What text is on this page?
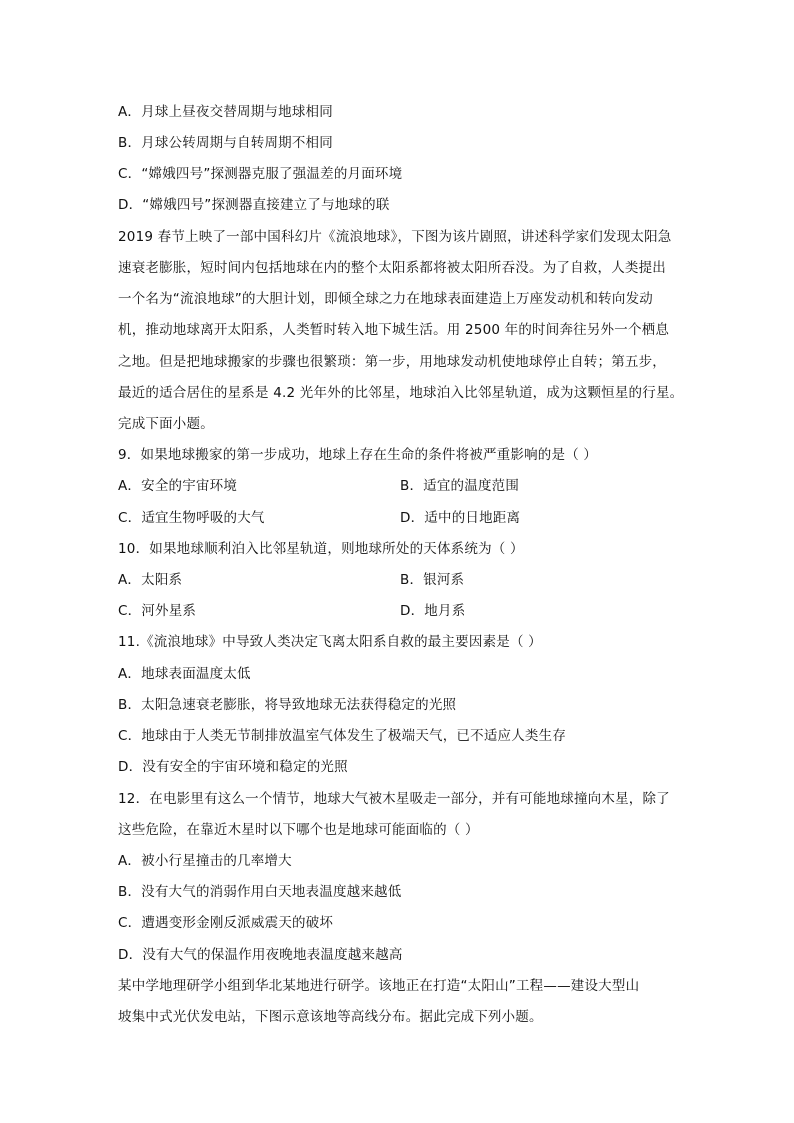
A．月球上昼夜交替周期与地球相同
B．月球公转周期与自转周期不相同
C．“嫦娥四号”探测器克服了强温差的月面环境
D．“嫦娥四号”探测器直接建立了与地球的联
2019 春节上映了一部中国科幻片《流浪地球》，下图为该片剧照，讲述科学家们发现太阳急
速衰老膨胀，短时间内包括地球在内的整个太阳系都将被太阳所吞没。为了自救，人类提出
一个名为“流浪地球”的大胆计划，即倾全球之力在地球表面建造上万座发动机和转向发动
机，推动地球离开太阳系，人类暂时转入地下城生活。用 2500 年的时间奔往另外一个栖息
之地。但是把地球搬家的步骤也很繁琐：第一步，用地球发动机使地球停止自转；第五步，
最近的适合居住的星系是 4.2 光年外的比邻星，地球泊入比邻星轨道，成为这颗恒星的行星。
完成下面小题。
9．如果地球搬家的第一步成功，地球上存在生命的条件将被严重影响的是（ ）
A．安全的宇宙环境	B．适宜的温度范围
C．适宜生物呼吸的大气	D．适中的日地距离
10．如果地球顺利泊入比邻星轨道，则地球所处的天体系统为（ ）
A．太阳系	B．银河系
C．河外星系	D．地月系
11.《流浪地球》中导致人类决定飞离太阳系自救的最主要因素是（ ）
A．地球表面温度太低
B．太阳急速衰老膨胀，将导致地球无法获得稳定的光照
C．地球由于人类无节制排放温室气体发生了极端天气，已不适应人类生存
D．没有安全的宇宙环境和稳定的光照
12．在电影里有这么一个情节，地球大气被木星吸走一部分，并有可能地球撞向木星，除了
这些危险，在靠近木星时以下哪个也是地球可能面临的（ ）
A．被小行星撞击的几率增大
B．没有大气的消弱作用白天地表温度越来越低
C．遭遇变形金刚反派威震天的破坏
D．没有大气的保温作用夜晚地表温度越来越高
某中学地理研学小组到华北某地进行研学。该地正在打造“太阳山”工程——建设大型山
坡集中式光伏发电站，下图示意该地等高线分布。据此完成下列小题。
